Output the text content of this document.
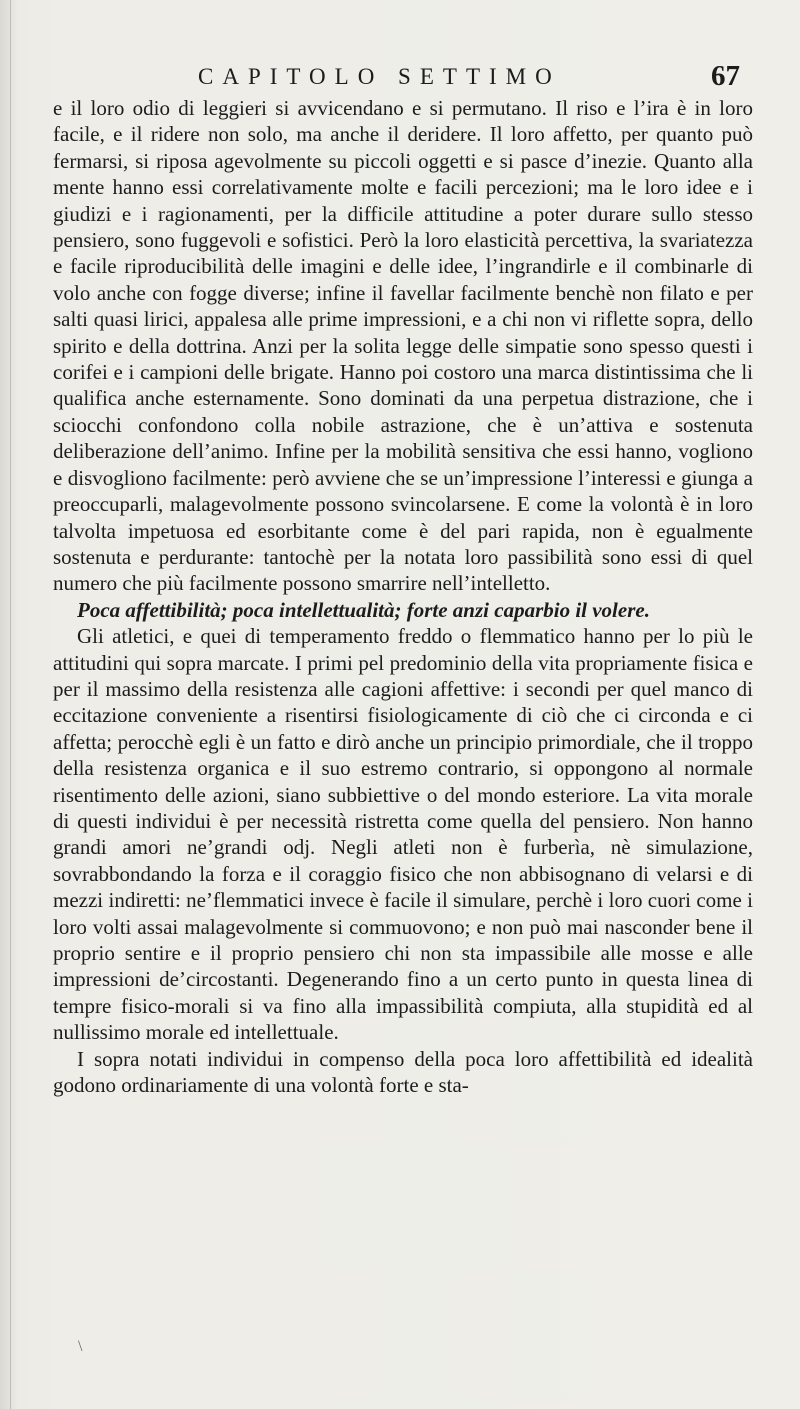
CAPITOLO SETTIMO	67

e il loro odio di leggieri si avvicendano e si permutano. Il riso e l’ira è in loro facile, e il ridere non solo, ma anche il deridere. Il loro affetto, per quanto può fermarsi, si riposa agevolmente su piccoli oggetti e si pasce d’inezie. Quanto alla mente hanno essi correlativamente molte e facili percezioni; ma le loro idee e i giudizi e i ragionamenti, per la difficile attitudine a poter durare sullo stesso pensiero, sono fuggevoli e sofistici. Però la loro elasticità percettiva, la svariatezza e facile riproducibilità delle imagini e delle idee, l’ingrandirle e il combinarle di volo anche con fogge diverse; infine il favellar facilmente benchè non filato e per salti quasi lirici, appalesa alle prime impressioni, e a chi non vi riflette sopra, dello spirito e della dottrina. Anzi per la solita legge delle simpatie sono spesso questi i corifei e i campioni delle brigate. Hanno poi costoro una marca distintissima che li qualifica anche esternamente. Sono dominati da una perpetua distrazione, che i sciocchi confondono colla nobile astrazione, che è un’attiva e sostenuta deliberazione dell’animo. Infine per la mobilità sensitiva che essi hanno, vogliono e disvogliono facilmente: però avviene che se un’impressione l’interessi e giunga a preoccuparli, malagevolmente possono svincolarsene. E come la volontà è in loro talvolta impetuosa ed esorbitante come è del pari rapida, non è egualmente sostenuta e perdurante: tantochè per la notata loro passibilità sono essi di quel numero che più facilmente possono smarrire nell’intelletto.

Poca affettibilità; poca intellettualità; forte anzi caparbio il volere.

Gli atletici, e quei di temperamento freddo o flemmatico hanno per lo più le attitudini qui sopra marcate. I primi pel predominio della vita propriamente fisica e per il massimo della resistenza alle cagioni affettive: i secondi per quel manco di eccitazione conveniente a risentirsi fisiologicamente di ciò che ci circonda e ci affetta; perocchè egli è un fatto e dirò anche un principio primordiale, che il troppo della resistenza organica e il suo estremo contrario, si oppongono al normale risentimento delle azioni, siano subbiettive o del mondo esteriore. La vita morale di questi individui è per necessità ristretta come quella del pensiero. Non hanno grandi amori ne’grandi odj. Negli atleti non è furberìa, nè simulazione, sovrabbondando la forza e il coraggio fisico che non abbisognano di velarsi e di mezzi indiretti: ne’flemmatici invece è facile il simulare, perchè i loro cuori come i loro volti assai malagevolmente si commuovono; e non può mai nasconder bene il proprio sentire e il proprio pensiero chi non sta impassibile alle mosse e alle impressioni de’circostanti. Degenerando fino a un certo punto in questa linea di tempre fisico-morali si va fino alla impassibilità compiuta, alla stupidità ed al nullissimo morale ed intellettuale.

I sopra notati individui in compenso della poca loro affettibilità ed idealità godono ordinariamente di una volontà forte e sta-

\
